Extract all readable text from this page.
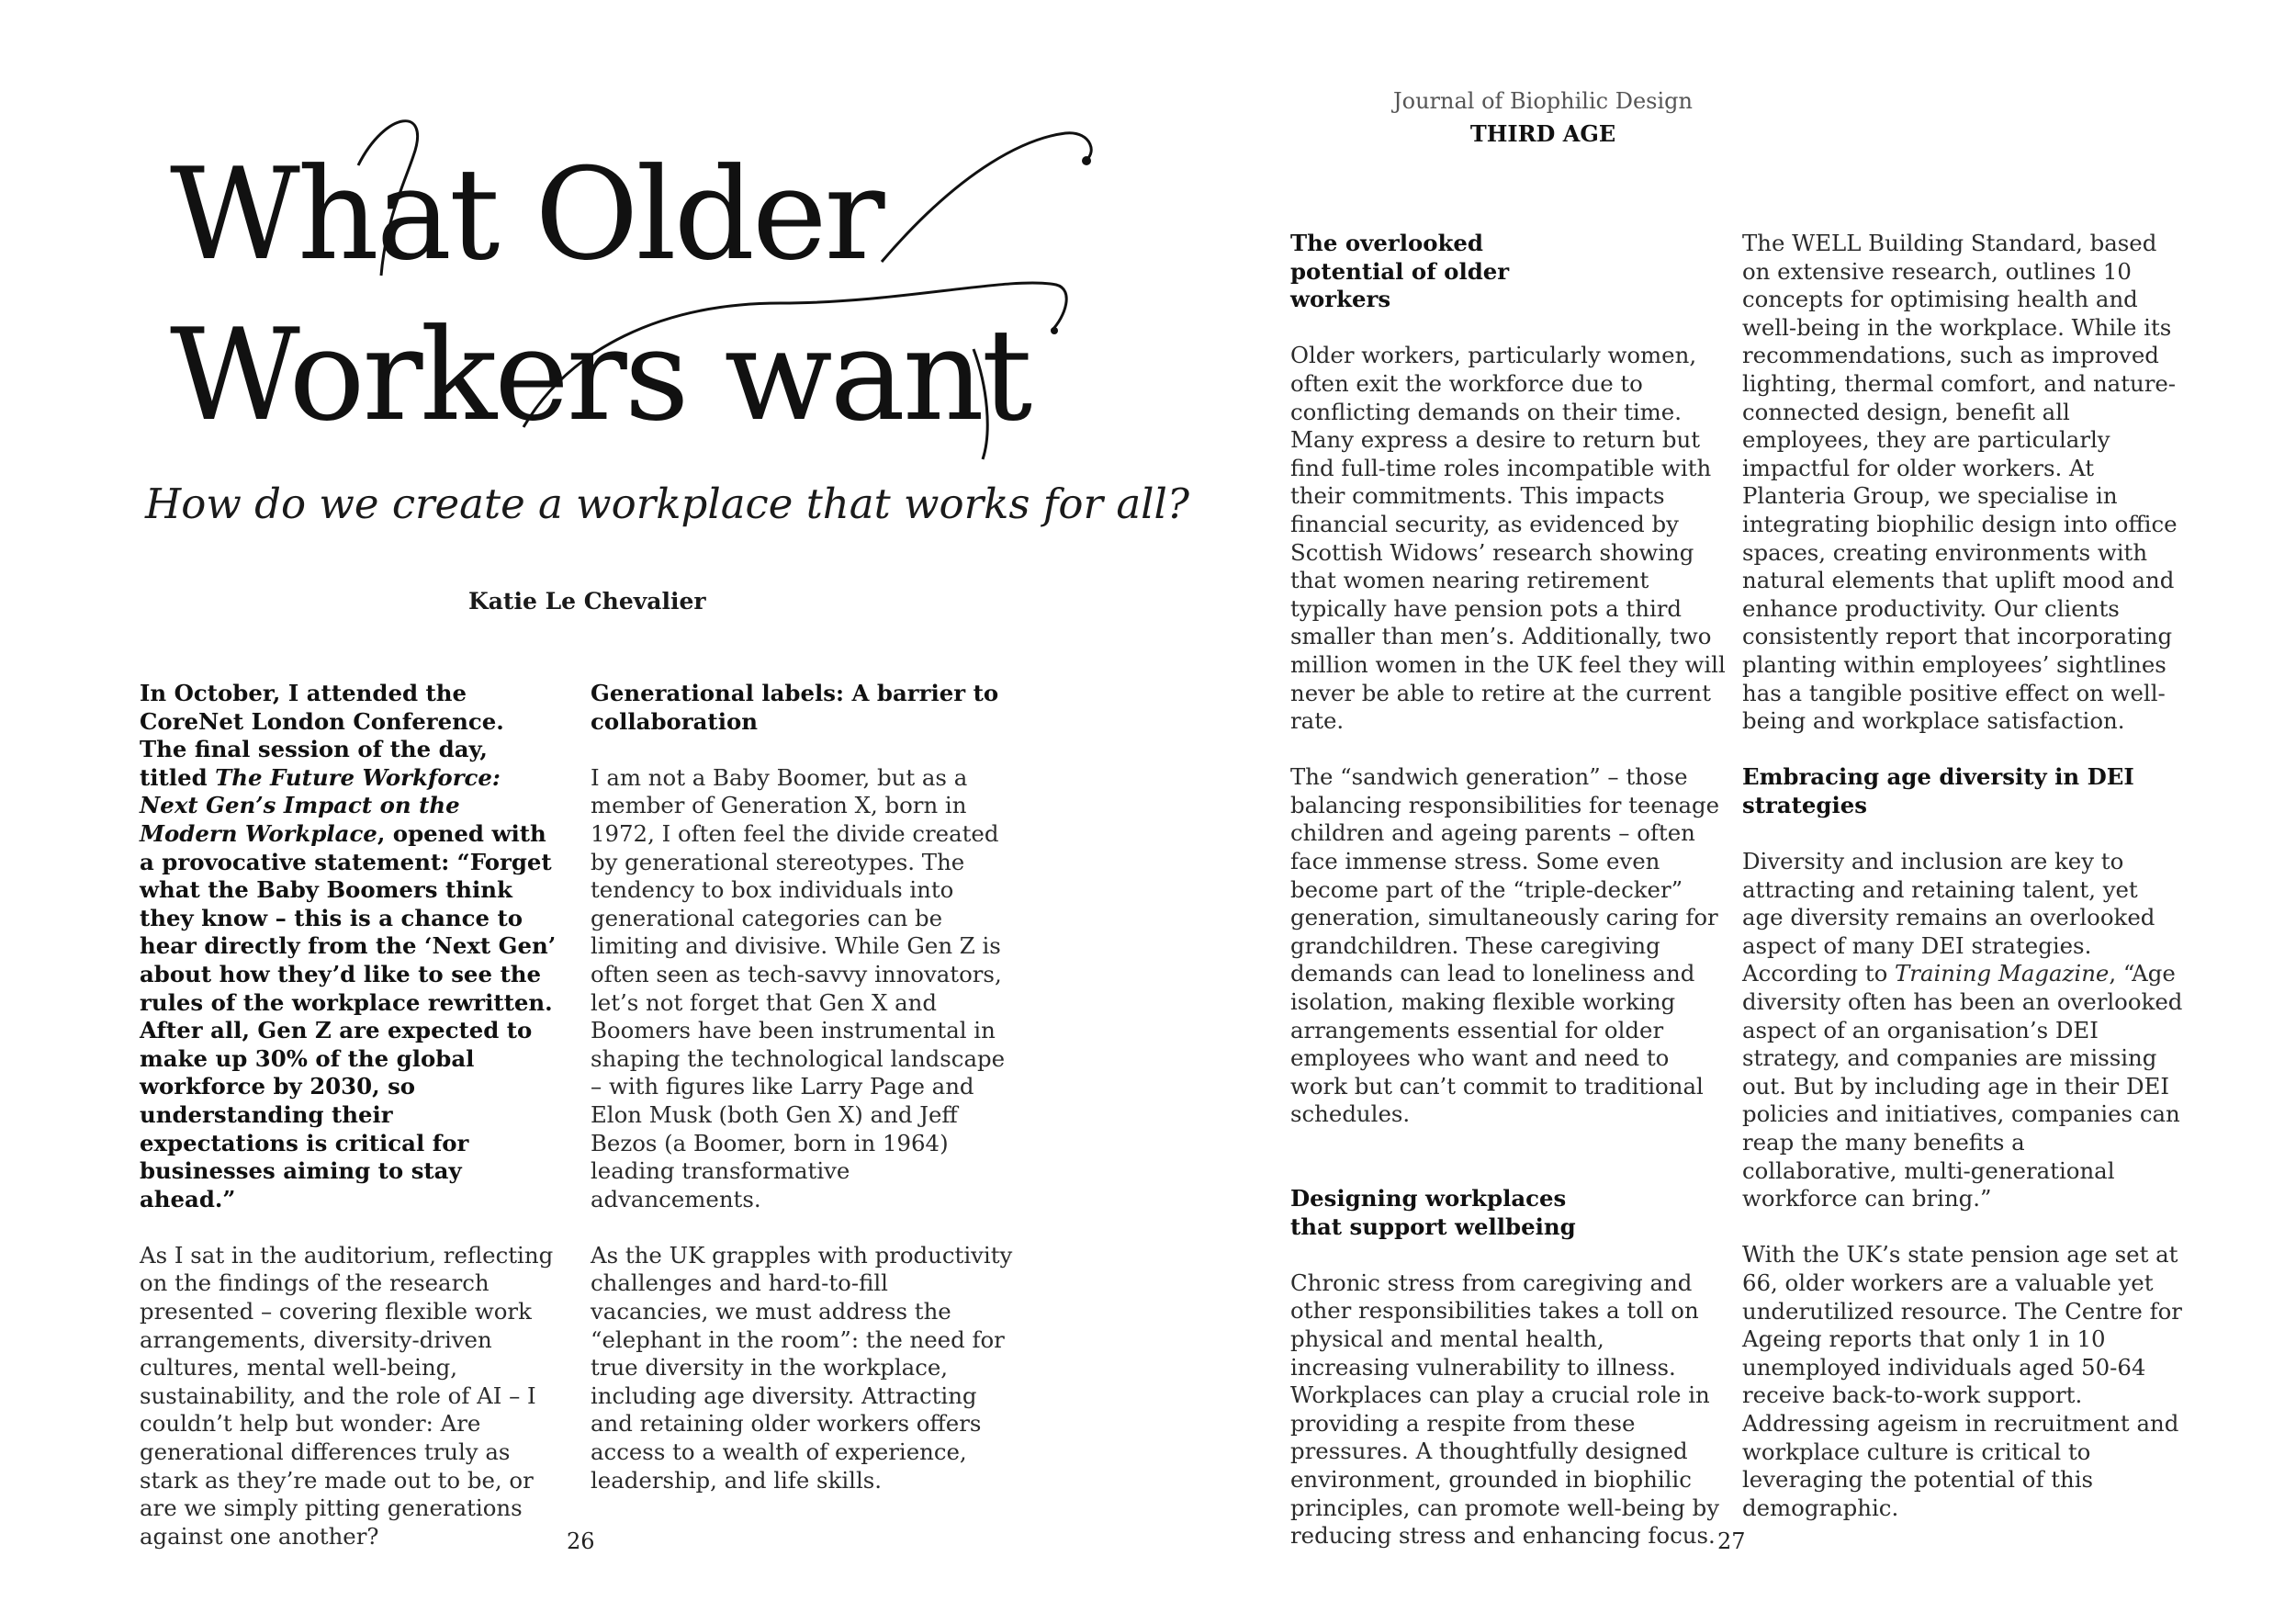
What Older
Workers want
How do we create a workplace that works for all?
Katie Le Chevalier

In October, I attended the CoreNet London Conference. The final session of the day, titled The Future Workforce: Next Gen’s Impact on the Modern Workplace, opened with a provocative statement: “Forget what the Baby Boomers think they know – this is a chance to hear directly from the ‘Next Gen’ about how they’d like to see the rules of the workplace rewritten. After all, Gen Z are expected to make up 30% of the global workforce by 2030, so understanding their expectations is critical for businesses aiming to stay ahead.”

As I sat in the auditorium, reflecting on the findings of the research presented – covering flexible work arrangements, diversity-driven cultures, mental well-being, sustainability, and the role of AI – I couldn’t help but wonder: Are generational differences truly as stark as they’re made out to be, or are we simply pitting generations against one another?

Generational labels: A barrier to collaboration

I am not a Baby Boomer, but as a member of Generation X, born in 1972, I often feel the divide created by generational stereotypes. The tendency to box individuals into generational categories can be limiting and divisive. While Gen Z is often seen as tech-savvy innovators, let’s not forget that Gen X and Boomers have been instrumental in shaping the technological landscape – with figures like Larry Page and Elon Musk (both Gen X) and Jeff Bezos (a Boomer, born in 1964) leading transformative advancements.

As the UK grapples with productivity challenges and hard-to-fill vacancies, we must address the “elephant in the room”: the need for true diversity in the workplace, including age diversity. Attracting and retaining older workers offers access to a wealth of experience, leadership, and life skills.

Journal of Biophilic Design
THIRD AGE
The overlooked potential of older workers

Older workers, particularly women, often exit the workforce due to conflicting demands on their time. Many express a desire to return but find full-time roles incompatible with their commitments. This impacts financial security, as evidenced by Scottish Widows’ research showing that women nearing retirement typically have pension pots a third smaller than men’s. Additionally, two million women in the UK feel they will never be able to retire at the current rate.

The “sandwich generation” – those balancing responsibilities for teenage children and ageing parents – often face immense stress. Some even become part of the “triple-decker” generation, simultaneously caring for grandchildren. These caregiving demands can lead to loneliness and isolation, making flexible working arrangements essential for older employees who want and need to work but can’t commit to traditional schedules.

Designing workplaces that support wellbeing

Chronic stress from caregiving and other responsibilities takes a toll on physical and mental health, increasing vulnerability to illness. Workplaces can play a crucial role in providing a respite from these pressures. A thoughtfully designed environment, grounded in biophilic principles, can promote well-being by reducing stress and enhancing focus.

The WELL Building Standard, based on extensive research, outlines 10 concepts for optimising health and well-being in the workplace. While its recommendations, such as improved lighting, thermal comfort, and nature-connected design, benefit all employees, they are particularly impactful for older workers. At Planteria Group, we specialise in integrating biophilic design into office spaces, creating environments with natural elements that uplift mood and enhance productivity. Our clients consistently report that incorporating planting within employees’ sightlines has a tangible positive effect on well-being and workplace satisfaction.

Embracing age diversity in DEI strategies

Diversity and inclusion are key to attracting and retaining talent, yet age diversity remains an overlooked aspect of many DEI strategies. According to Training Magazine, “Age diversity often has been an overlooked aspect of an organisation’s DEI strategy, and companies are missing out. But by including age in their DEI policies and initiatives, companies can reap the many benefits a collaborative, multi-generational workforce can bring.”

With the UK’s state pension age set at 66, older workers are a valuable yet underutilized resource. The Centre for Ageing reports that only 1 in 10 unemployed individuals aged 50-64 receive back-to-work support. Addressing ageism in recruitment and workplace culture is critical to leveraging the potential of this demographic.

26	27
